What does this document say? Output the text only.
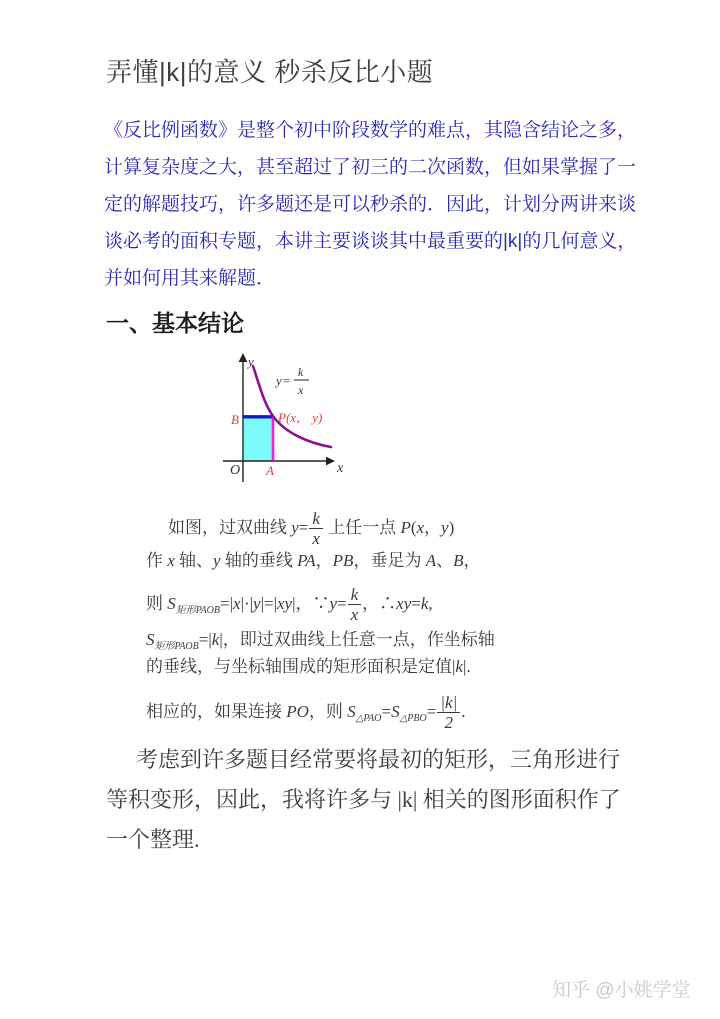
弄懂|k|的意义 秒杀反比小题
《反比例函数》是整个初中阶段数学的难点，其隐含结论之多，
计算复杂度之大，甚至超过了初三的二次函数，但如果掌握了一
定的解题技巧，许多题还是可以秒杀的．因此，计划分两讲来谈
谈必考的面积专题，本讲主要谈谈其中最重要的|k|的几何意义，
并如何用其来解题．
一、基本结论
y
x
O
B
A
P(x， y)
y=
k
x
如图，过双曲线 $y= \frac{k}{x}$ 上任一点 P(x，y)
作 x 轴、y 轴的垂线 PA，PB，垂足为 A、B，
则 $S_{矩形PAOB}=|x|\cdot|y|=|xy|$，∵y= $\frac{k}{x}$ ，∴xy=k,
$S_{矩形PAOB}=|k|$，即过双曲线上任意一点，作坐标轴
的垂线，与坐标轴围成的矩形面积是定值|k|.
相应的，如果连接 PO，则 $S_{\triangle PAO}=S_{\triangle PBO}= \frac{|k|}{2}$ .
考虑到许多题目经常要将最初的矩形，三角形进行
等积变形，因此，我将许多与 |k| 相关的图形面积作了
一个整理.
知乎 @小姚学堂
